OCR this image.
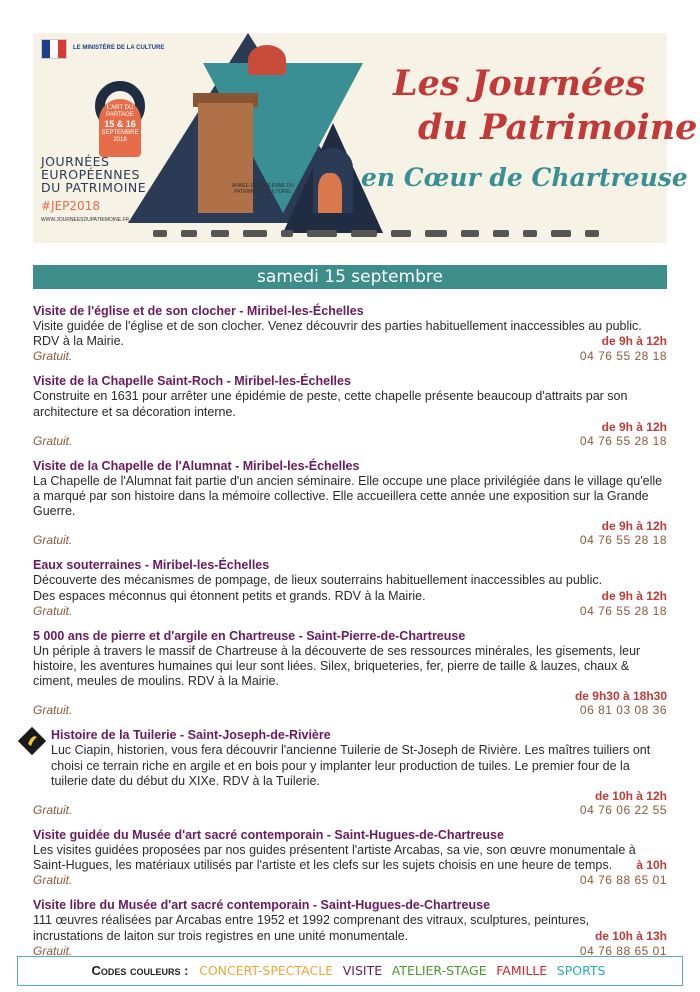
LE MINISTÈRE DE LA CULTURE
L'ART DU PARTAGE
15 & 16
SEPTEMBRE 2018
JOURNÉES
EUROPÉENNES
DU PATRIMOINE
#JEP2018
WWW.JOURNEESDUPATRIMOINE.FR
ANNÉE EUROPÉENNE DU PATRIMOINE CULTUREL 2018
Les Journées
du Patrimoine
en Cœur de Chartreuse
samedi 15 septembre
Visite de l'église et de son clocher - Miribel-les-Échelles
Visite guidée de l'église et de son clocher. Venez découvrir des parties habituellement inaccessibles au public.
de 9h à 12h
RDV à la Mairie.
Gratuit.	04 76 55 28 18
Visite de la Chapelle Saint-Roch - Miribel-les-Échelles
Construite en 1631 pour arrêter une épidémie de peste, cette chapelle présente beaucoup d'attraits par son architecture et sa décoration interne.
de 9h à 12h
Gratuit.	04 76 55 28 18
Visite de la Chapelle de l'Alumnat - Miribel-les-Échelles
La Chapelle de l'Alumnat fait partie d'un ancien séminaire. Elle occupe une place privilégiée dans le village qu'elle a marqué par son histoire dans la mémoire collective. Elle accueillera cette année une exposition sur la Grande Guerre.
de 9h à 12h
Gratuit.	04 76 55 28 18
Eaux souterraines - Miribel-les-Échelles
Découverte des mécanismes de pompage, de lieux souterrains habituellement inaccessibles au public.
de 9h à 12h
Des espaces méconnus qui étonnent petits et grands. RDV à la Mairie.
Gratuit.	04 76 55 28 18
5 000 ans de pierre et d'argile en Chartreuse - Saint-Pierre-de-Chartreuse
Un périple à travers le massif de Chartreuse à la découverte de ses ressources minérales, les gisements, leur histoire, les aventures humaines qui leur sont liées. Silex, briqueteries, fer, pierre de taille & lauzes, chaux & ciment, meules de moulins. RDV à la Mairie.
de 9h30 à 18h30
Gratuit.	06 81 03 08 36
Histoire de la Tuilerie - Saint-Joseph-de-Rivière
Luc Ciapin, historien, vous fera découvrir l'ancienne Tuilerie de St-Joseph de Rivière. Les maîtres tuiliers ont choisi ce terrain riche en argile et en bois pour y implanter leur production de tuiles. Le premier four de la tuilerie date du début du XIXe. RDV à la Tuilerie.
de 10h à 12h
Gratuit.	04 76 06 22 55
Visite guidée du Musée d'art sacré contemporain - Saint-Hugues-de-Chartreuse
à 10h
Les visites guidées proposées par nos guides présentent l'artiste Arcabas, sa vie, son œuvre monumentale à Saint-Hugues, les matériaux utilisés par l'artiste et les clefs sur les sujets choisis en une heure de temps.
Gratuit.	04 76 88 65 01
Visite libre du Musée d'art sacré contemporain - Saint-Hugues-de-Chartreuse
111 œuvres réalisées par Arcabas entre 1952 et 1992 comprenant des vitraux, sculptures, peintures,
de 10h à 13h
incrustations de laiton sur trois registres en une unité monumentale.
Gratuit.	04 76 88 65 01
Codes couleurs : CONCERT-SPECTACLE VISITE ATELIER-STAGE FAMILLE SPORTS
